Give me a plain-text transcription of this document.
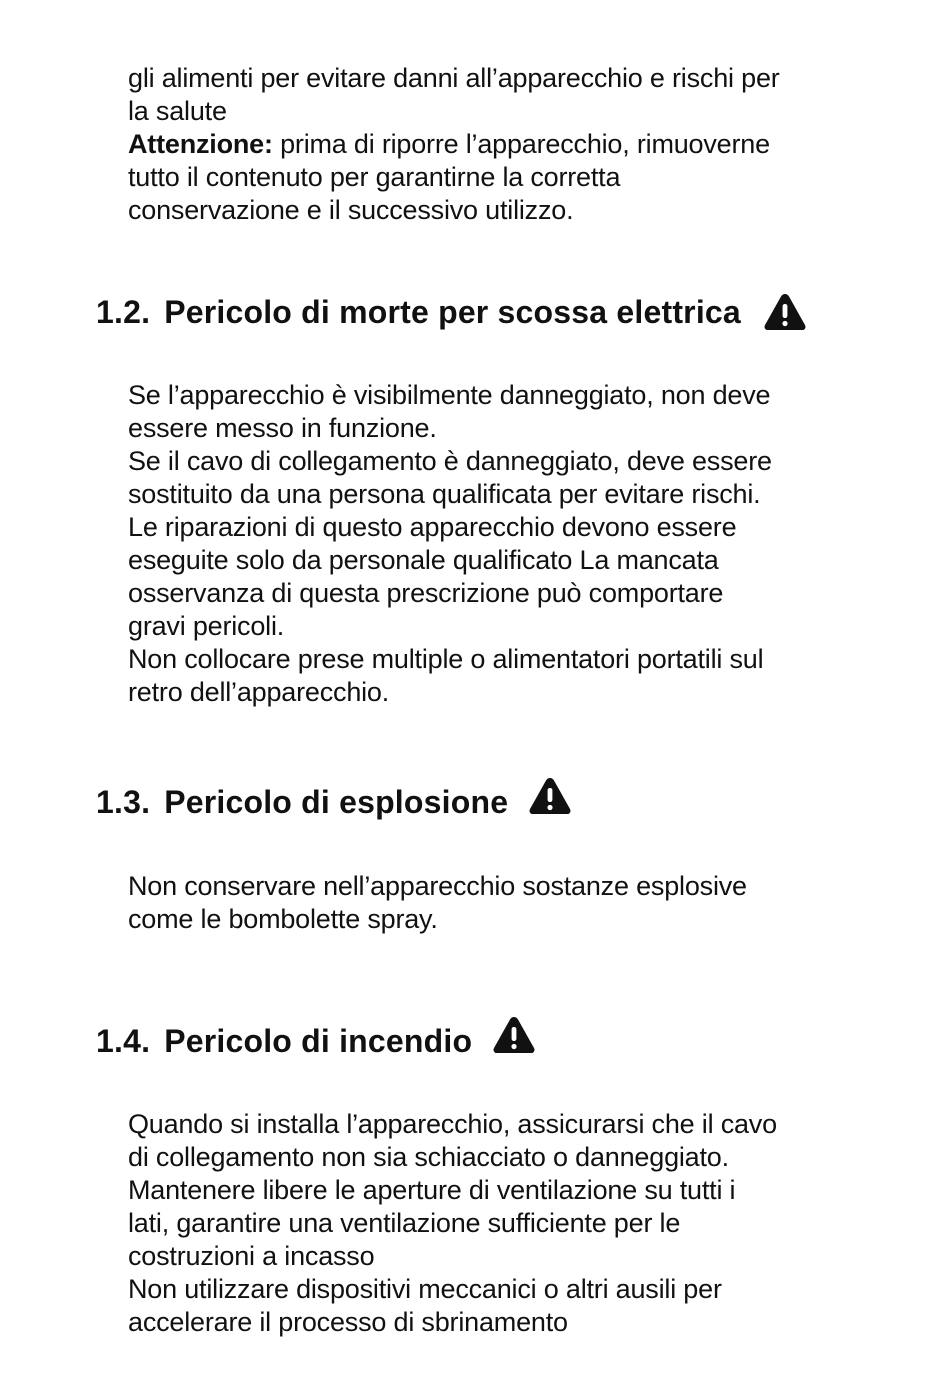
gli alimenti per evitare danni all’apparecchio e rischi per
la salute
Attenzione: prima di riporre l’apparecchio, rimuoverne
tutto il contenuto per garantirne la corretta
conservazione e il successivo utilizzo.
1.2. Pericolo di morte per scossa elettrica
Se l’apparecchio è visibilmente danneggiato, non deve
essere messo in funzione.
Se il cavo di collegamento è danneggiato, deve essere
sostituito da una persona qualificata per evitare rischi.
Le riparazioni di questo apparecchio devono essere
eseguite solo da personale qualificato La mancata
osservanza di questa prescrizione può comportare
gravi pericoli.
Non collocare prese multiple o alimentatori portatili sul
retro dell’apparecchio.
1.3. Pericolo di esplosione
Non conservare nell’apparecchio sostanze esplosive
come le bombolette spray.
1.4. Pericolo di incendio
Quando si installa l’apparecchio, assicurarsi che il cavo
di collegamento non sia schiacciato o danneggiato.
Mantenere libere le aperture di ventilazione su tutti i
lati, garantire una ventilazione sufficiente per le
costruzioni a incasso
Non utilizzare dispositivi meccanici o altri ausili per
accelerare il processo di sbrinamento
